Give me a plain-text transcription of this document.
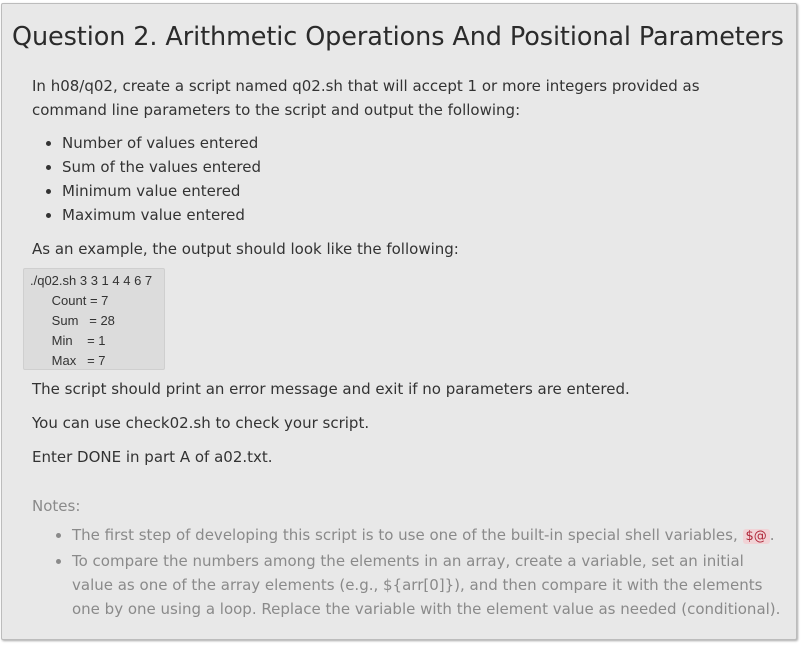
Question 2. Arithmetic Operations And Positional Parameters

In h08/q02, create a script named q02.sh that will accept 1 or more integers provided as command line parameters to the script and output the following:

• Number of values entered
• Sum of the values entered
• Minimum value entered
• Maximum value entered

As an example, the output should look like the following:

./q02.sh 3 3 1 4 4 6 7
Count = 7
Sum   = 28
Min    = 1
Max   = 7

The script should print an error message and exit if no parameters are entered.

You can use check02.sh to check your script.

Enter DONE in part A of a02.txt.

Notes:

• The first step of developing this script is to use one of the built-in special shell variables, $@ .
• To compare the numbers among the elements in an array, create a variable, set an initial value as one of the array elements (e.g., ${arr[0]}), and then compare it with the elements one by one using a loop. Replace the variable with the element value as needed (conditional).
